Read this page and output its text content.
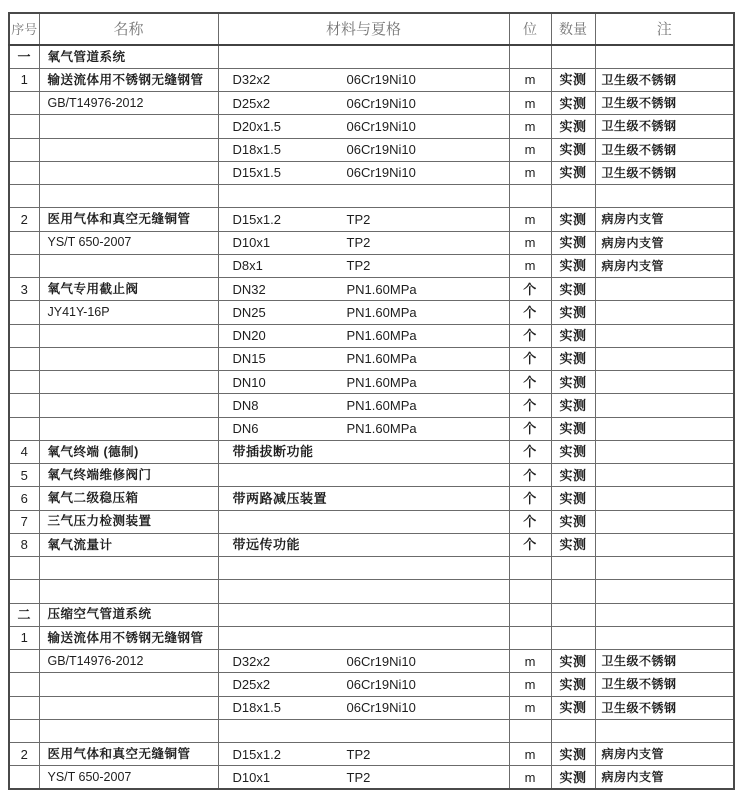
序号	名称	材料与夏格	位	数量	注
一	氧气管道系统				
1	输送流体用不锈钢无缝钢管	D32x2 06Cr19Ni10	m	实测	卫生级不锈钢
	GB/T14976-2012	D25x2 06Cr19Ni10	m	实测	卫生级不锈钢
		D20x1.5 06Cr19Ni10	m	实测	卫生级不锈钢
		D18x1.5 06Cr19Ni10	m	实测	卫生级不锈钢
		D15x1.5 06Cr19Ni10	m	实测	卫生级不锈钢

2	医用气体和真空无缝铜管	D15x1.2 TP2	m	实测	病房内支管
	YS/T 650-2007	D10x1 TP2	m	实测	病房内支管
		D8x1 TP2	m	实测	病房内支管
3	氧气专用截止阀	DN32 PN1.60MPa	个	实测	
	JY41Y-16P	DN25 PN1.60MPa	个	实测	
		DN20 PN1.60MPa	个	实测	
		DN15 PN1.60MPa	个	实测	
		DN10 PN1.60MPa	个	实测	
		DN8 PN1.60MPa	个	实测	
		DN6 PN1.60MPa	个	实测	
4	氧气终端 (德制)	带插拔断功能	个	实测	
5	氧气终端维修阀门		个	实测	
6	氧气二级稳压箱	带两路减压装置	个	实测	
7	三气压力检测装置		个	实测	
8	氧气流量计	带远传功能	个	实测	

二	压缩空气管道系统				
1	输送流体用不锈钢无缝钢管				
	GB/T14976-2012	D32x2 06Cr19Ni10	m	实测	卫生级不锈钢
		D25x2 06Cr19Ni10	m	实测	卫生级不锈钢
		D18x1.5 06Cr19Ni10	m	实测	卫生级不锈钢

2	医用气体和真空无缝铜管	D15x1.2 TP2	m	实测	病房内支管
	YS/T 650-2007	D10x1 TP2	m	实测	病房内支管
